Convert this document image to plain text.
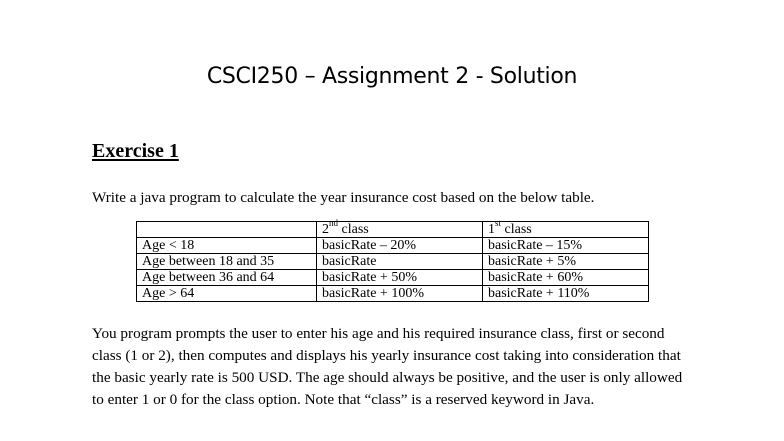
CSCI250 – Assignment 2 - Solution
Exercise 1
Write a java program to calculate the year insurance cost based on the below table.
	2nd class	1st class
Age < 18	basicRate – 20%	basicRate – 15%
Age between 18 and 35	basicRate	basicRate + 5%
Age between 36 and 64	basicRate + 50%	basicRate + 60%
Age > 64	basicRate + 100%	basicRate + 110%
You program prompts the user to enter his age and his required insurance class, first or second
class (1 or 2), then computes and displays his yearly insurance cost taking into consideration that
the basic yearly rate is 500 USD. The age should always be positive, and the user is only allowed
to enter 1 or 0 for the class option. Note that “class” is a reserved keyword in Java.
